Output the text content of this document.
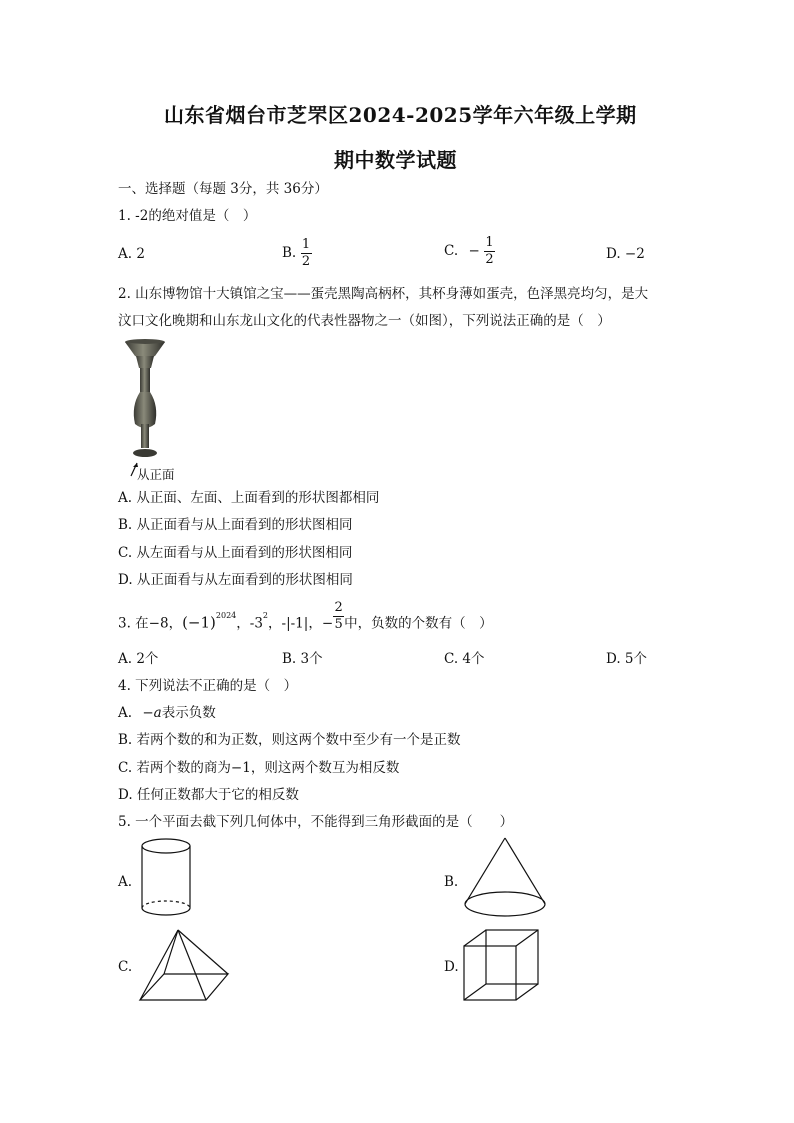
山东省烟台市芝罘区2024-2025学年六年级上学期
期中数学试题
一、选择题（每题 3分，共 36分）
1. -2的绝对值是（　）
A. 2	B. $\frac{1}{2}$	C. − $\frac{1}{2}$	D. −2
2. 山东博物馆十大镇馆之宝——蛋壳黑陶高柄杯，其杯身薄如蛋壳，色泽黑亮均匀，是大
汶口文化晚期和山东龙山文化的代表性器物之一（如图），下列说法正确的是（　）
从正面
A. 从正面、左面、上面看到的形状图都相同
B. 从正面看与从上面看到的形状图相同
C. 从左面看与从上面看到的形状图相同
D. 从正面看与从左面看到的形状图相同
3. 在−8，$(-1)^{2024}$，$-3^2$，-|-1|，− $\frac{2}{5}$ 中，负数的个数有（　）
A. 2个	B. 3个	C. 4个	D. 5个
4. 下列说法不正确的是（　）
A. −a表示负数
B. 若两个数的和为正数，则这两个数中至少有一个是正数
C. 若两个数的商为−1，则这两个数互为相反数
D. 任何正数都大于它的相反数
5. 一个平面去截下列几何体中，不能得到三角形截面的是（　　）
A.	B.
C.	D.
